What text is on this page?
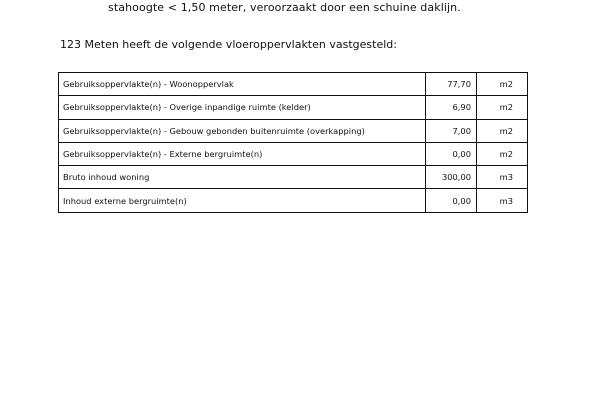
stahoogte < 1,50 meter, veroorzaakt door een schuine daklijn.
123 Meten heeft de volgende vloeroppervlakten vastgesteld:
Gebruiksoppervlakte(n) - Woonoppervlak	77,70	m2
Gebruiksoppervlakte(n) - Overige inpandige ruimte (kelder)	6,90	m2
Gebruiksoppervlakte(n) - Gebouw gebonden buitenruimte (overkapping)	7,00	m2
Gebruiksoppervlakte(n) - Externe bergruimte(n)	0,00	m2
Bruto inhoud woning	300,00	m3
Inhoud externe bergruimte(n)	0,00	m3
